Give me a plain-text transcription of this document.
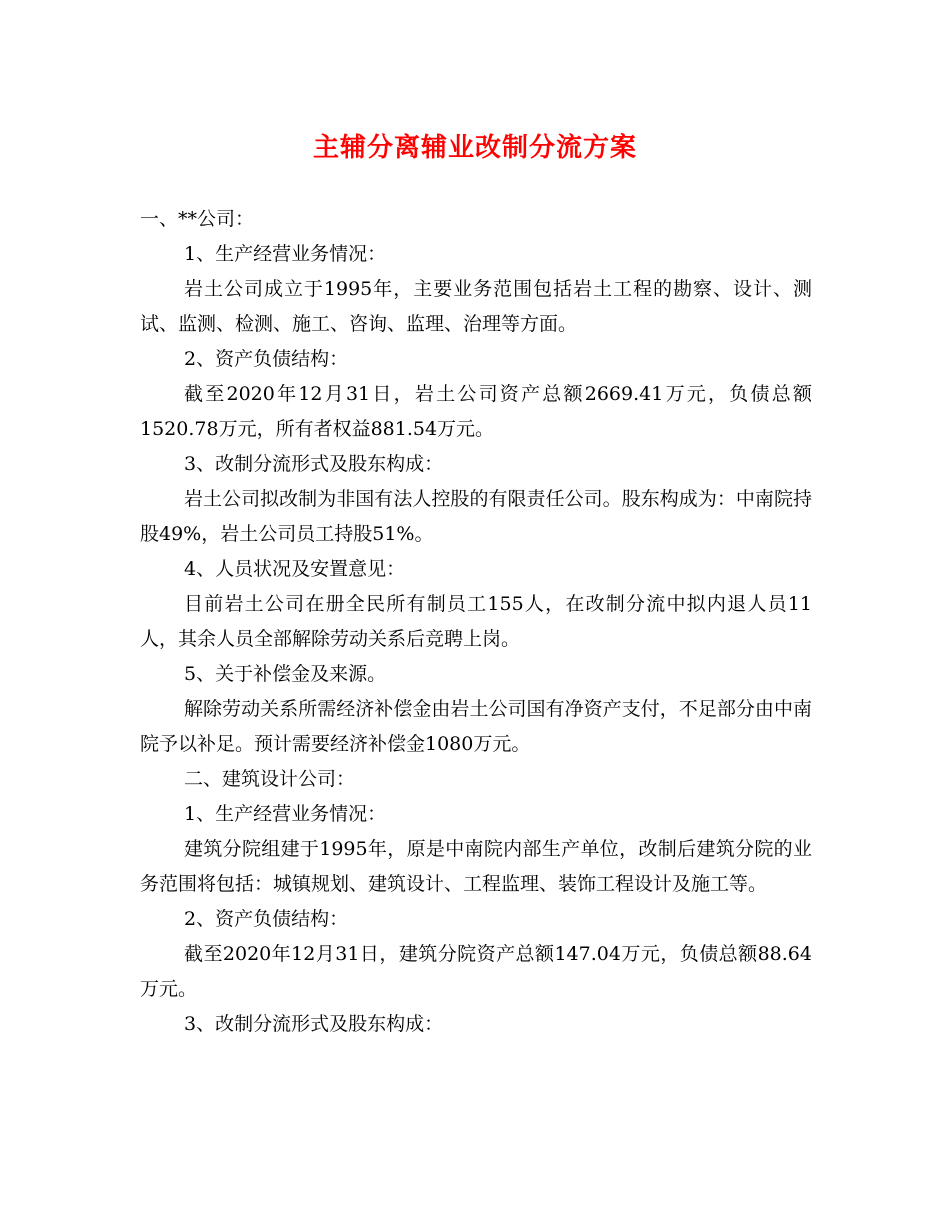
主辅分离辅业改制分流方案

一、**公司：

1、生产经营业务情况：

岩土公司成立于1995年，主要业务范围包括岩土工程的勘察、设计、测试、监测、检测、施工、咨询、监理、治理等方面。

2、资产负债结构：

截至2020年12月31日，岩土公司资产总额2669.41万元，负债总额1520.78万元，所有者权益881.54万元。

3、改制分流形式及股东构成：

岩土公司拟改制为非国有法人控股的有限责任公司。股东构成为：中南院持股49%，岩土公司员工持股51%。

4、人员状况及安置意见：

目前岩土公司在册全民所有制员工155人，在改制分流中拟内退人员11人，其余人员全部解除劳动关系后竞聘上岗。

5、关于补偿金及来源。

解除劳动关系所需经济补偿金由岩土公司国有净资产支付，不足部分由中南院予以补足。预计需要经济补偿金1080万元。

二、建筑设计公司：

1、生产经营业务情况：

建筑分院组建于1995年，原是中南院内部生产单位，改制后建筑分院的业务范围将包括：城镇规划、建筑设计、工程监理、装饰工程设计及施工等。

2、资产负债结构：

截至2020年12月31日，建筑分院资产总额147.04万元，负债总额88.64万元。

3、改制分流形式及股东构成：
